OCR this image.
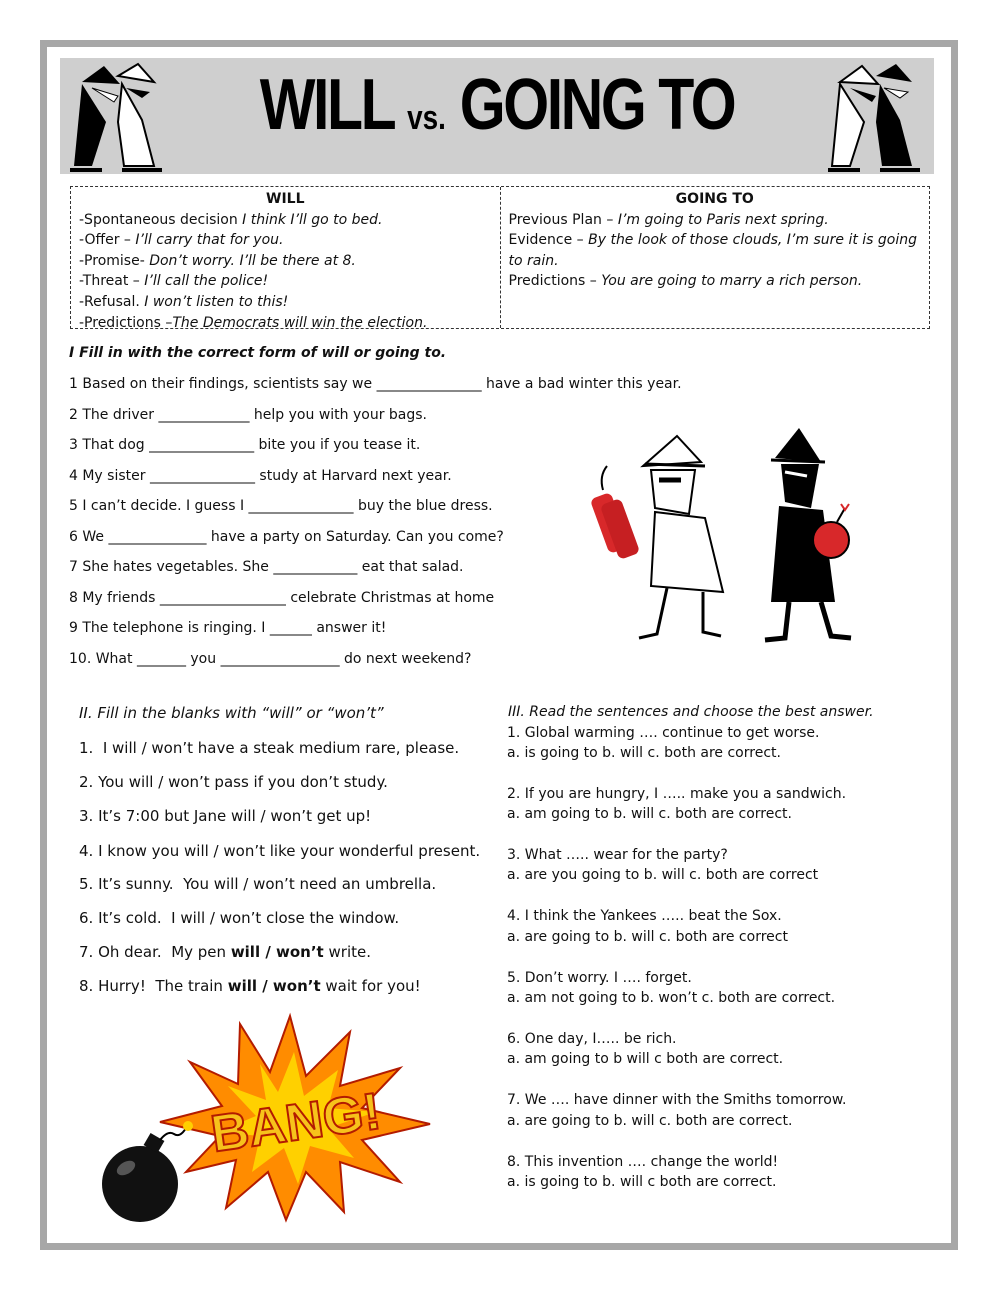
WILL vs. GOING TO
WILL
-Spontaneous decision I think I’ll go to bed.
-Offer – I’ll carry that for you.
-Promise- Don’t worry. I’ll be there at 8.
-Threat – I’ll call the police!
-Refusal. I won’t listen to this!
-Predictions –The Democrats will win the election.
GOING TO
Previous Plan – I’m going to Paris next spring.
Evidence – By the look of those clouds, I’m sure it is going to rain.
Predictions – You are going to marry a rich person.
I Fill in with the correct form of will or going to.
1 Based on their findings, scientists say we _______________ have a bad winter this year.
2 The driver _____________ help you with your bags.
3 That dog _______________ bite you if you tease it.
4 My sister _______________ study at Harvard next year.
5 I can’t decide. I guess I _______________ buy the blue dress.
6 We ______________ have a party on Saturday. Can you come?
7 She hates vegetables. She ____________ eat that salad.
8 My friends __________________ celebrate Christmas at home
9 The telephone is ringing. I ______ answer it!
10. What _______ you _________________ do next weekend?
II. Fill in the blanks with “will” or “won’t”
1.  I will / won’t have a steak medium rare, please.
2. You will / won’t pass if you don’t study.
3. It’s 7:00 but Jane will / won’t get up!
4. I know you will / won’t like your wonderful present.
5. It’s sunny.  You will / won’t need an umbrella.
6. It’s cold.  I will / won’t close the window.
7. Oh dear.  My pen will / won’t write.
8. Hurry!  The train will / won’t wait for you!
III. Read the sentences and choose the best answer.
1. Global warming …. continue to get worse.
a. is going to b. will c. both are correct.
2. If you are hungry, I ….. make you a sandwich.
a. am going to b. will c. both are correct.
3. What ….. wear for the party?
a. are you going to b. will c. both are correct
4. I think the Yankees ….. beat the Sox.
a. are going to b. will c. both are correct
5. Don’t worry. I …. forget.
a. am not going to b. won’t c. both are correct.
6. One day, I….. be rich.
a. am going to b will c both are correct.
7. We …. have dinner with the Smiths tomorrow.
a. are going to b. will c. both are correct.
8. This invention …. change the world!
a. is going to b. will c both are correct.
BANG!
